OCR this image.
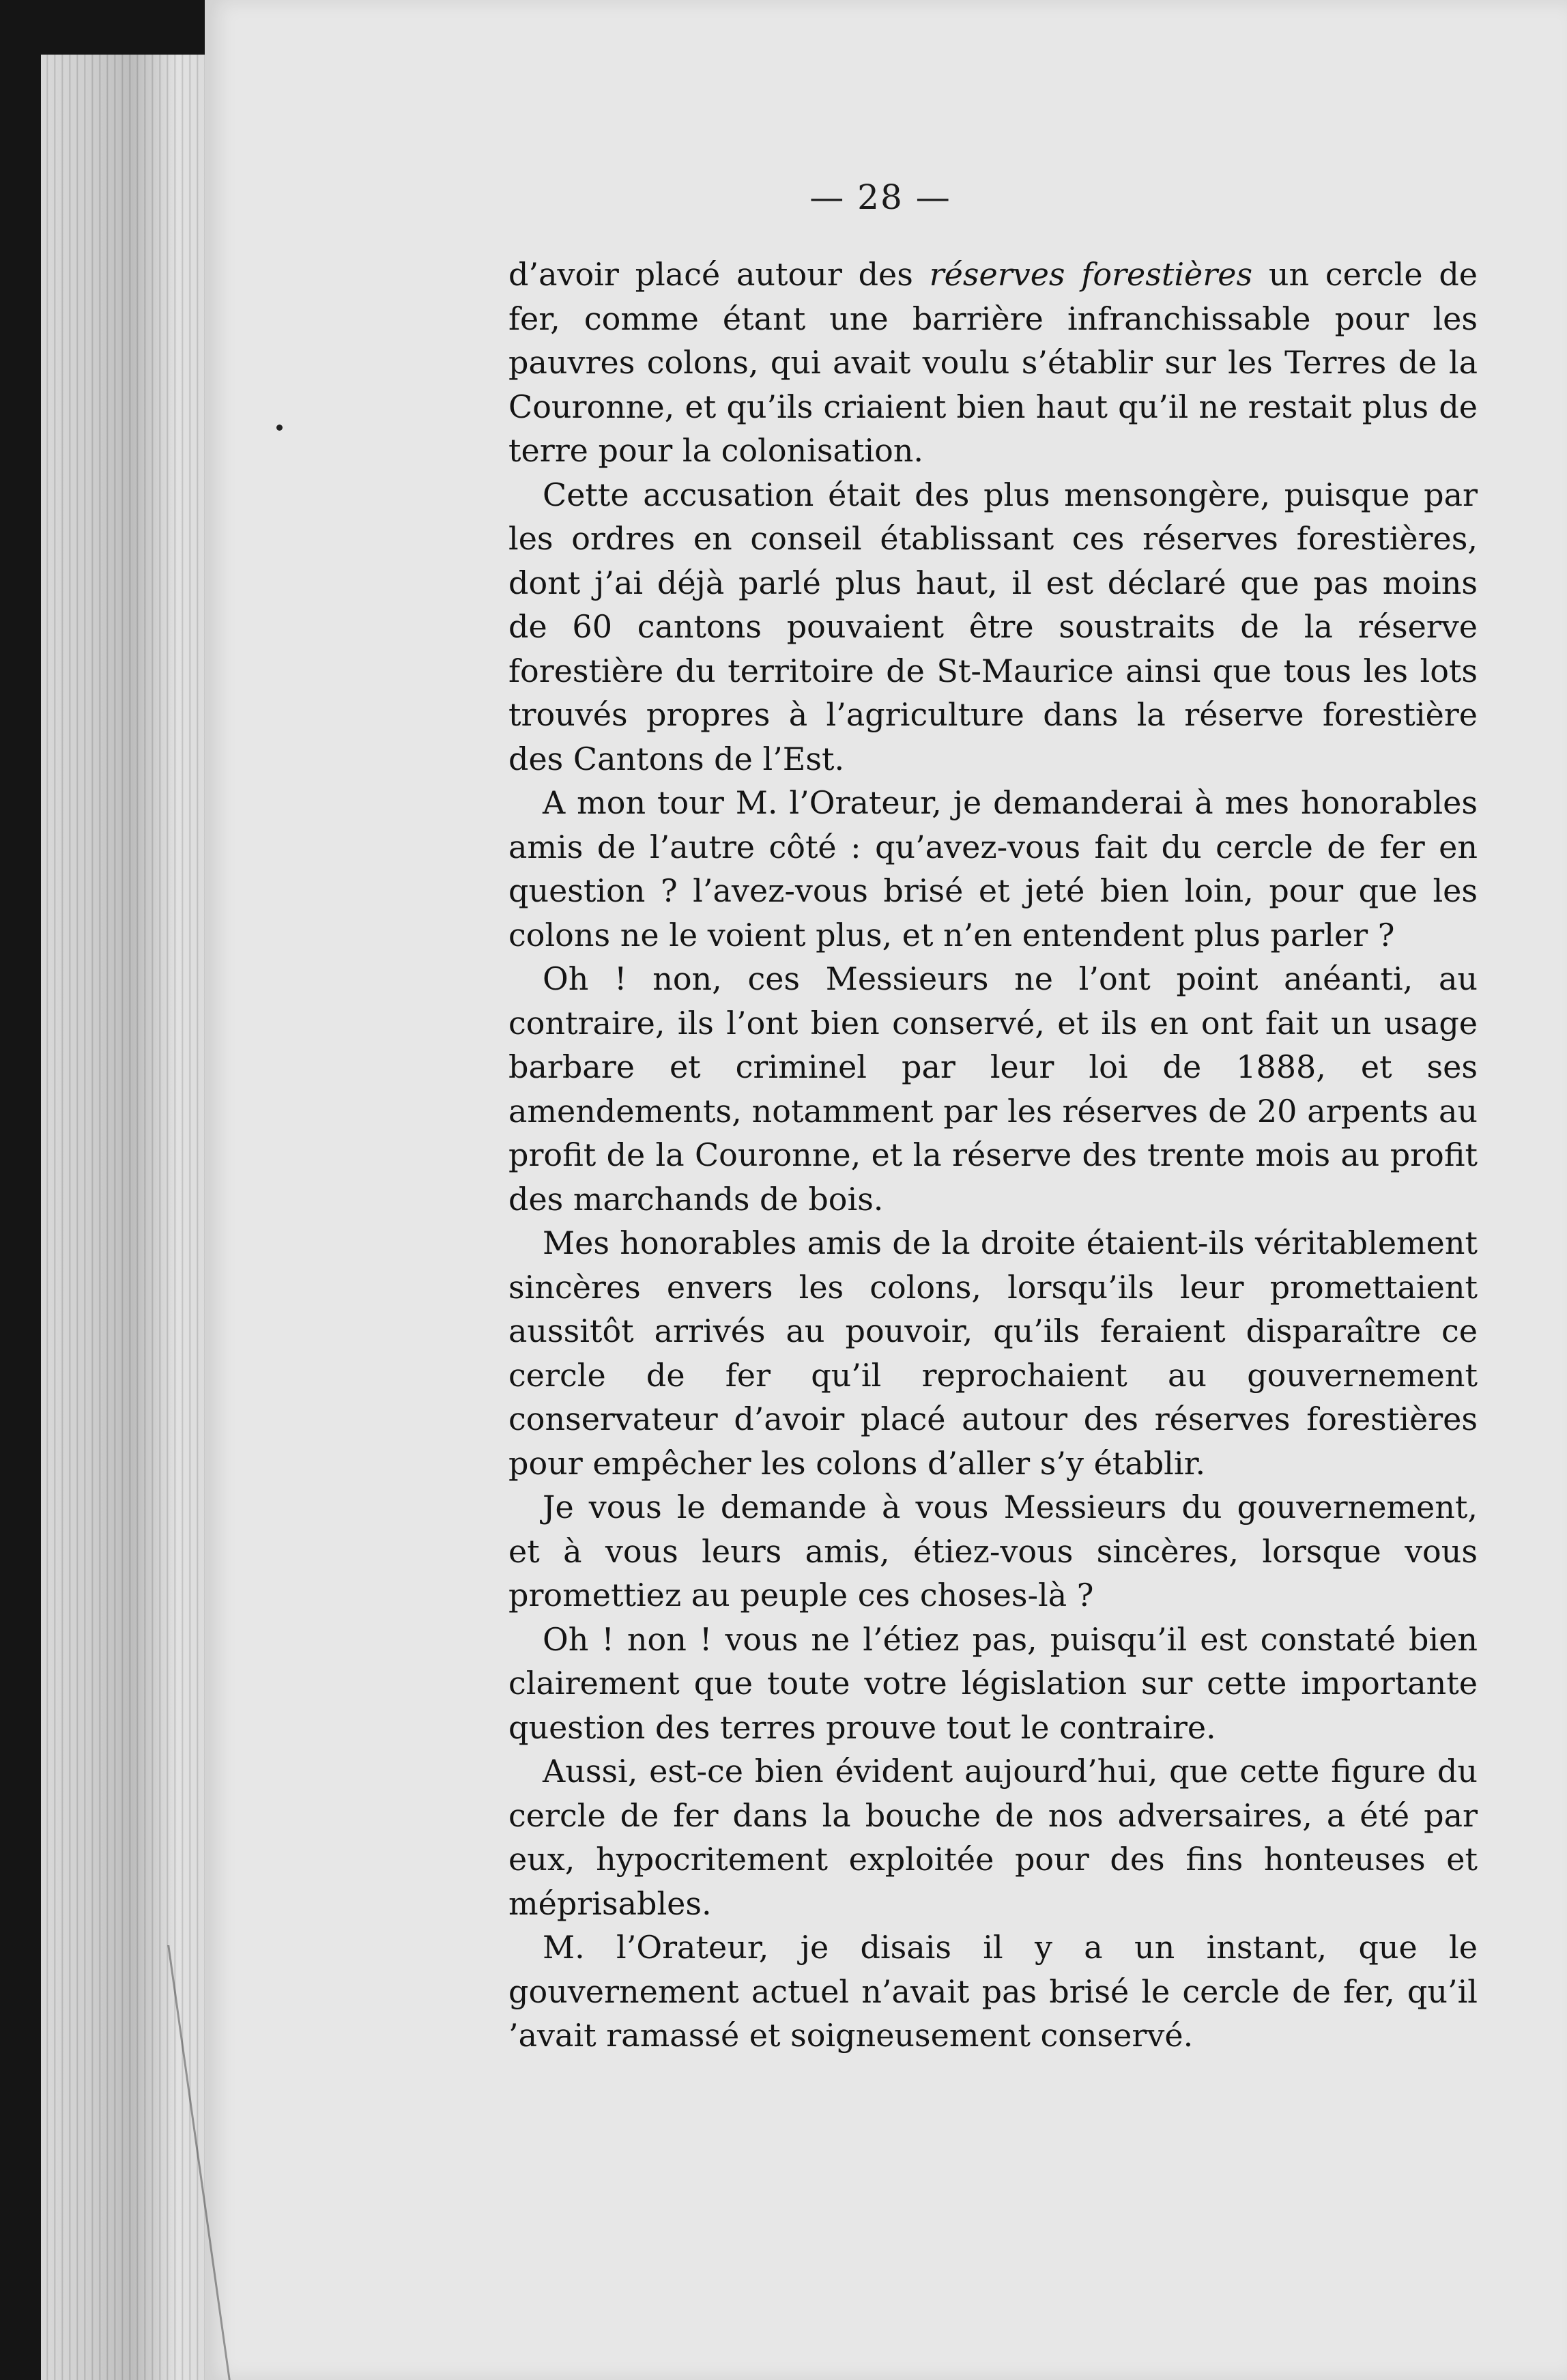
— 28 —

d’avoir placé autour des réserves forestières un cercle de fer, comme étant une barrière infranchissable pour les pauvres colons, qui avait voulu s’établir sur les Terres de la Couronne, et qu’ils criaient bien haut qu’il ne restait plus de terre pour la colonisation.

Cette accusation était des plus mensongère, puisque par les ordres en conseil établissant ces réserves forestières, dont j’ai déjà parlé plus haut, il est déclaré que pas moins de 60 cantons pouvaient être soustraits de la réserve forestière du territoire de St-Maurice ainsi que tous les lots trouvés propres à l’agriculture dans la réserve forestière des Cantons de l’Est.

A mon tour M. l’Orateur, je demanderai à mes honorables amis de l’autre côté : qu’avez-vous fait du cercle de fer en question ? l’avez-vous brisé et jeté bien loin, pour que les colons ne le voient plus, et n’en entendent plus parler ?

Oh ! non, ces Messieurs ne l’ont point anéanti, au contraire, ils l’ont bien conservé, et ils en ont fait un usage barbare et criminel par leur loi de 1888, et ses amendements, notamment par les réserves de 20 arpents au profit de la Couronne, et la réserve des trente mois au profit des marchands de bois.

Mes honorables amis de la droite étaient-ils véritablement sincères envers les colons, lorsqu’ils leur promettaient aussitôt arrivés au pouvoir, qu’ils feraient disparaître ce cercle de fer qu’il reprochaient au gouvernement conservateur d’avoir placé autour des réserves forestières pour empêcher les colons d’aller s’y établir.

Je vous le demande à vous Messieurs du gouvernement, et à vous leurs amis, étiez-vous sincères, lorsque vous promettiez au peuple ces choses-là ?

Oh ! non ! vous ne l’étiez pas, puisqu’il est constaté bien clairement que toute votre législation sur cette importante question des terres prouve tout le contraire.

Aussi, est-ce bien évident aujourd’hui, que cette figure du cercle de fer dans la bouche de nos adversaires, a été par eux, hypocritement exploitée pour des fins honteuses et méprisables.

M. l’Orateur, je disais il y a un instant, que le gouvernement actuel n’avait pas brisé le cercle de fer, qu’il ’avait ramassé et soigneusement conservé.
